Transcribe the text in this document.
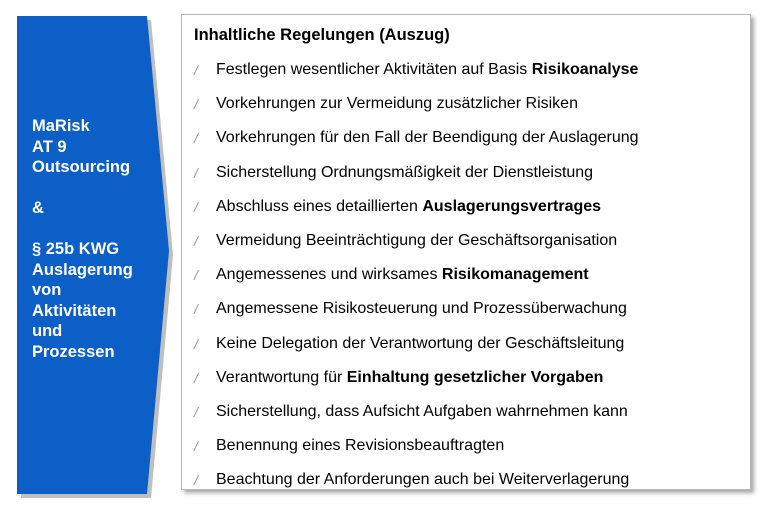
MaRisk
AT 9
Outsourcing
&
§ 25b KWG
Auslagerung
von
Aktivitäten
und
Prozessen
Inhaltliche Regelungen (Auszug)
/	Festlegen wesentlicher Aktivitäten auf Basis Risikoanalyse
/	Vorkehrungen zur Vermeidung zusätzlicher Risiken
/	Vorkehrungen für den Fall der Beendigung der Auslagerung
/	Sicherstellung Ordnungsmäßigkeit der Dienstleistung
/	Abschluss eines detaillierten Auslagerungsvertrages
/	Vermeidung Beeinträchtigung der Geschäftsorganisation
/	Angemessenes und wirksames Risikomanagement
/	Angemessene Risikosteuerung und Prozessüberwachung
/	Keine Delegation der Verantwortung der Geschäftsleitung
/	Verantwortung für Einhaltung gesetzlicher Vorgaben
/	Sicherstellung, dass Aufsicht Aufgaben wahrnehmen kann
/	Benennung eines Revisionsbeauftragten
/	Beachtung der Anforderungen auch bei Weiterverlagerung
